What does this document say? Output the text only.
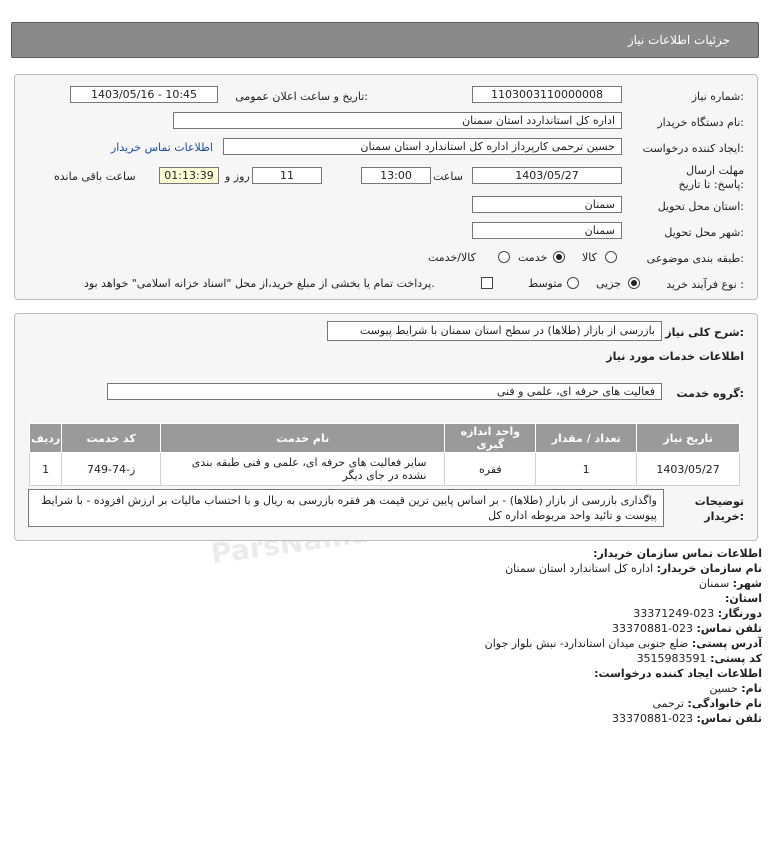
جزئیات اطلاعات نیاز
شماره نیاز:
1103003110000008
تاریخ و ساعت اعلان عمومی:
1403/05/16 - 10:45
نام دستگاه خریدار:
اداره کل استانداردد استان سمنان
ایجاد کننده درخواست:
حسین ترحمی کارپرداز اداره کل استاندارد استان سمنان
اطلاعات تماس خریدار
مهلت ارسال پاسخ: تا تاریخ:
1403/05/27
ساعت
13:00
11
روز و
01:13:39
ساعت باقی مانده
استان محل تحویل:
سمنان
شهر محل تحویل:
سمنان
طبقه بندی موضوعی:
کالا
خدمت
کالا/خدمت
نوع فرآیند خرید :
جزیی
متوسط
پرداخت تمام یا بخشی از مبلغ خرید،از محل "اسناد خزانه اسلامی" خواهد بود.
شرح کلی نیاز:
بازرسی از بازار (طلاها) در سطح استان سمنان با شرایط پیوست
اطلاعات خدمات مورد نیاز
گروه خدمت:
فعالیت های حرفه ای، علمی و فنی
ردیف	کد خدمت	نام خدمت	واحد اندازه گیری	تعداد / مقدار	تاریخ نیاز
1	ز-74-749	سایر فعالیت های حرفه ای، علمی و فنی طبقه بندی نشده در جای دیگر	فقره	1	1403/05/27
توضیحات خریدار:
واگذاری بازرسی از بازار (طلاها) - بر اساس پایین ترین قیمت هر فقره بازرسی به ریال و با احتساب مالیات بر ارزش افزوده - با شرایط پیوست و تائید واحد مربوطه اداره کل
اطلاعات تماس سازمان خریدار:
نام سازمان خریدار: اداره کل استاندارد استان سمنان
شهر: سمنان
استان:
دورنگار: 023-33371249
تلفن تماس: 023-33370881
آدرس پستی: ضلع جنوبی میدان استاندارد- نبش بلوار جوان
کد پستی: 3515983591
اطلاعات ایجاد کننده درخواست:
نام: حسین
نام خانوادگی: ترحمی
تلفن تماس: 023-33370881
